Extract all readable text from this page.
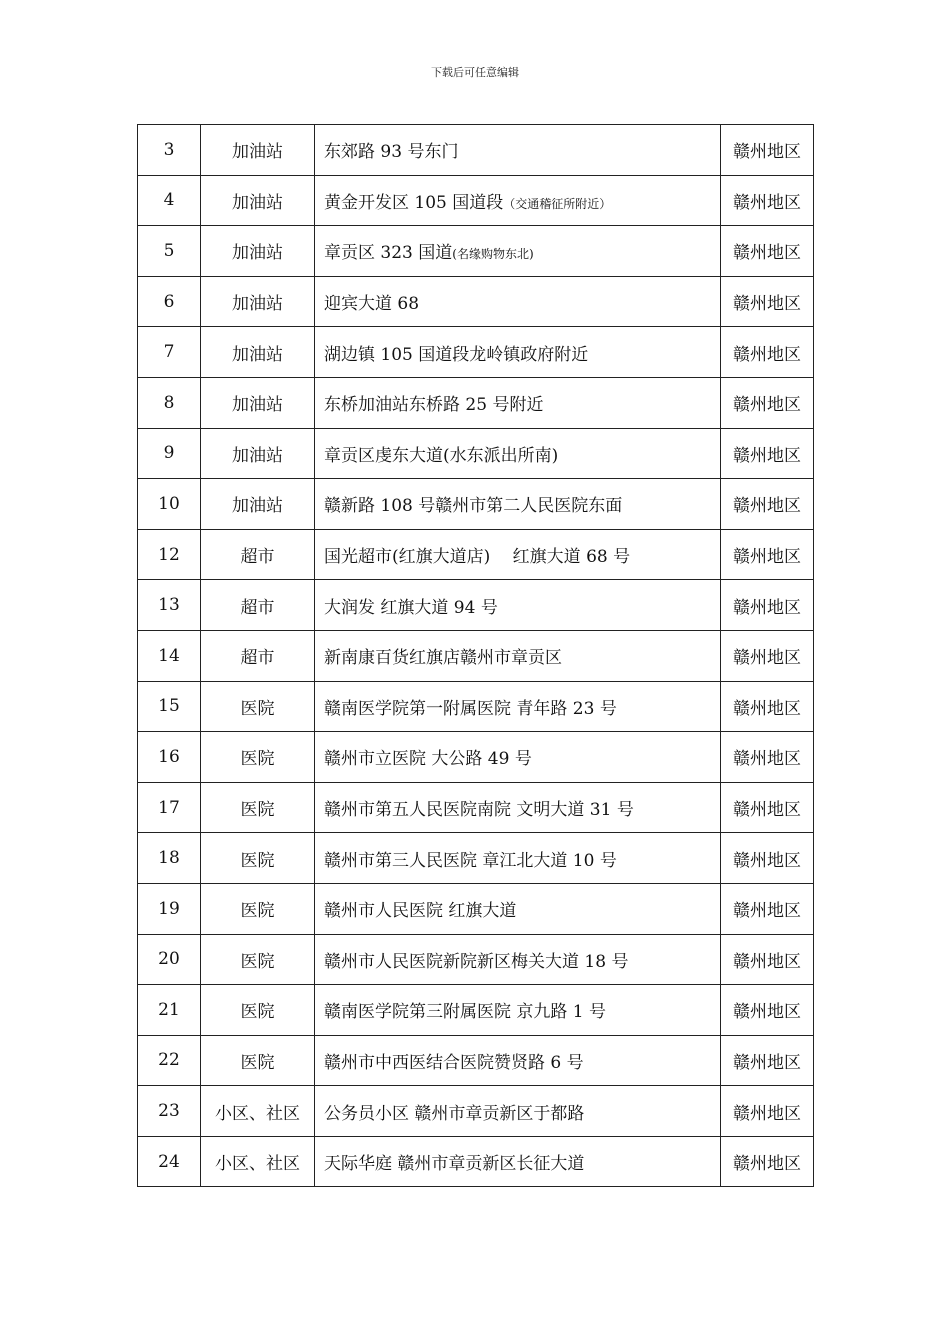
下载后可任意编辑
3	加油站	东郊路 93 号东门	赣州地区
4	加油站	黄金开发区 105 国道段（交通稽征所附近）	赣州地区
5	加油站	章贡区 323 国道(名缘购物东北)	赣州地区
6	加油站	迎宾大道 68	赣州地区
7	加油站	湖边镇 105 国道段龙岭镇政府附近	赣州地区
8	加油站	东桥加油站东桥路 25 号附近	赣州地区
9	加油站	章贡区虔东大道(水东派出所南)	赣州地区
10	加油站	赣新路 108 号赣州市第二人民医院东面	赣州地区
12	超市	国光超市(红旗大道店)　 红旗大道 68 号	赣州地区
13	超市	大润发 红旗大道 94 号	赣州地区
14	超市	新南康百货红旗店赣州市章贡区	赣州地区
15	医院	赣南医学院第一附属医院 青年路 23 号	赣州地区
16	医院	赣州市立医院 大公路 49 号	赣州地区
17	医院	赣州市第五人民医院南院 文明大道 31 号	赣州地区
18	医院	赣州市第三人民医院 章江北大道 10 号	赣州地区
19	医院	赣州市人民医院 红旗大道	赣州地区
20	医院	赣州市人民医院新院新区梅关大道 18 号	赣州地区
21	医院	赣南医学院第三附属医院 京九路 1 号	赣州地区
22	医院	赣州市中西医结合医院赞贤路 6 号	赣州地区
23	小区、社区	公务员小区 赣州市章贡新区于都路	赣州地区
24	小区、社区	天际华庭 赣州市章贡新区长征大道	赣州地区
